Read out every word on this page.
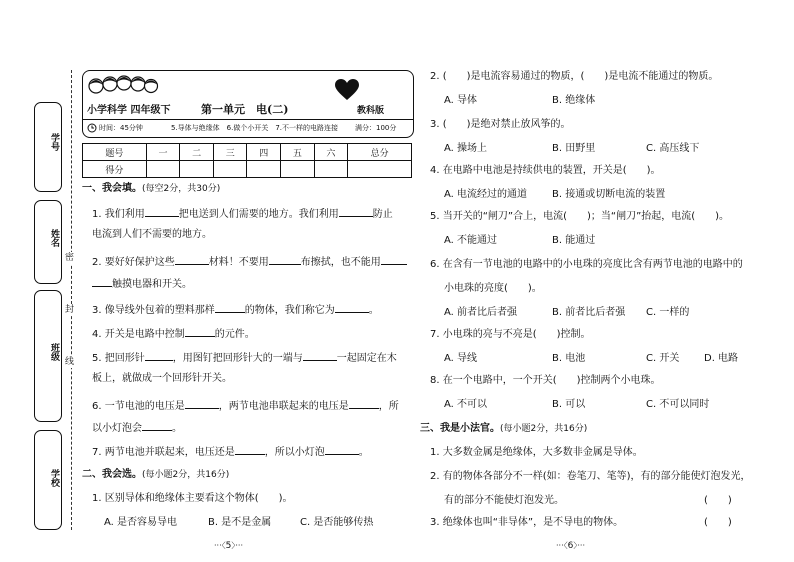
学号
姓名
班级
学校
密
封
线
小学科学 四年级下	第一单元　电(二)	教科版
时间：45分钟	5.导体与绝缘体　6.做个小开关　7.不一样的电路连接 满分：100分
题号	一	二	三	四	五	六	总分
得分							
一、我会填。(每空2分，共30分)
1. 我们利用	把电送到人们需要的地方。我们利用	防止
电流到人们不需要的地方。
2. 要好好保护这些	材料！不要用	布擦拭，也不能用
触摸电器和开关。
3. 像导线外包着的塑料那样	的物体，我们称它为	。
4. 开关是电路中控制	的元件。
5. 把回形针	，用图钉把回形针大的一端与	一起固定在木
板上，就做成一个回形针开关。
6. 一节电池的电压是	，两节电池串联起来的电压是	，所
以小灯泡会	。
7. 两节电池并联起来，电压还是	，所以小灯泡	。
二、我会选。(每小题2分，共16分)
1. 区别导体和绝缘体主要看这个物体(　　)。
A. 是否容易导电	B. 是不是金属	C. 是否能够传热
2. (　　)是电流容易通过的物质，(　　)是电流不能通过的物质。
A. 导体	B. 绝缘体
3. (　　)是绝对禁止放风筝的。
A. 操场上	B. 田野里	C. 高压线下
4. 在电路中电池是持续供电的装置，开关是(　　)。
A. 电流经过的通道 B. 接通或切断电流的装置
5. 当开关的“闸刀”合上，电流(　　)；当“闸刀”抬起，电流(　　)。
A. 不能通过	B. 能通过
6. 在含有一节电池的电路中的小电珠的亮度比含有两节电池的电路中的
小电珠的亮度(　　)。
A. 前者比后者强	B. 前者比后者强 C. 一样的
7. 小电珠的亮与不亮是(　　)控制。
A. 导线	B. 电池	C. 开关 D. 电路
8. 在一个电路中，一个开关(　　)控制两个小电珠。
A. 不可以	B. 可以	C. 不可以同时
三、我是小法官。(每小题2分，共16分)
1. 大多数金属是绝缘体，大多数非金属是导体。
2. 有的物体各部分不一样(如：卷笔刀、笔等)，有的部分能使灯泡发光，
有的部分不能使灯泡发光。	(　　)
3. 绝缘体也叫“非导体”，是不导电的物体。	(　　)
···〈5〉···	···〈6〉···
